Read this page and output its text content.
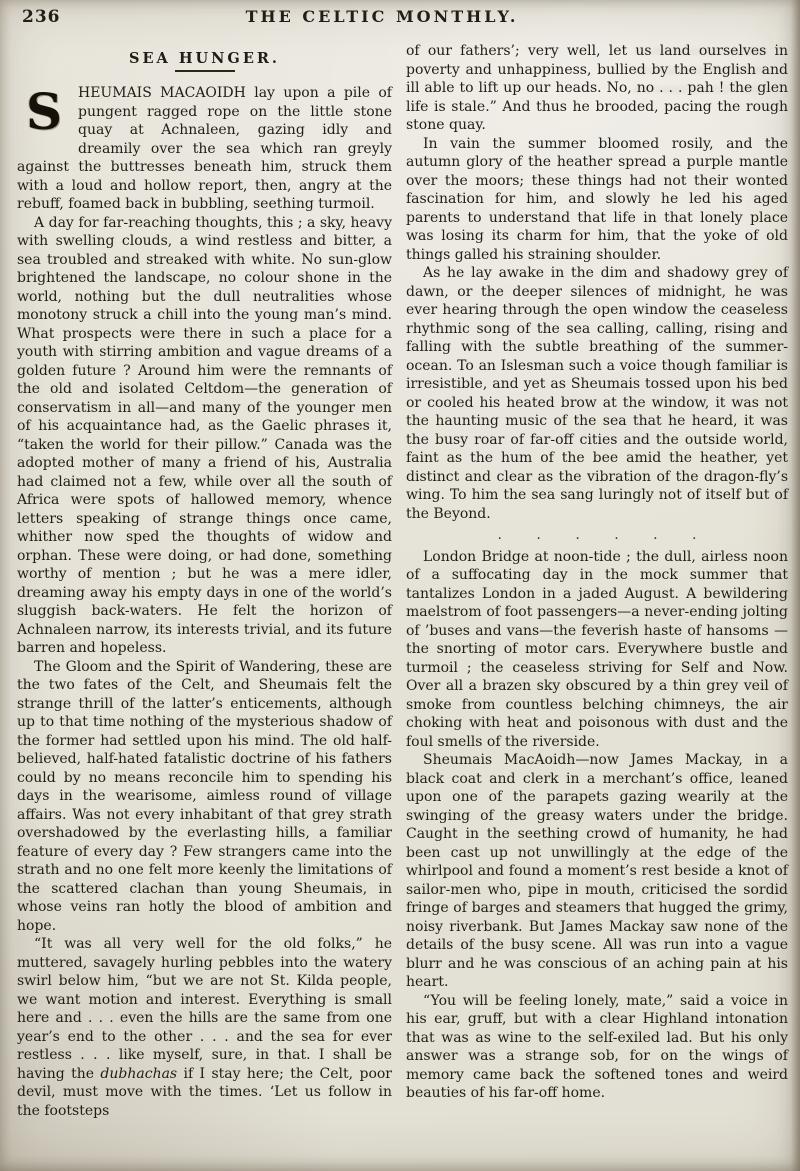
236	THE CELTIC MONTHLY.
SEA HUNGER.

S	HEUMAIS MACAOIDH lay upon a pile of pungent ragged rope on the little stone quay at Achnaleen, gazing idly and dreamily over the sea which ran greyly against the buttresses beneath him, struck them with a loud and hollow report, then, angry at the rebuff, foamed back in bubbling, seething turmoil.

A day for far-reaching thoughts, this ; a sky, heavy with swelling clouds, a wind restless and bitter, a sea troubled and streaked with white. No sun-glow brightened the landscape, no colour shone in the world, nothing but the dull neutralities whose monotony struck a chill into the young man’s mind. What prospects were there in such a place for a youth with stirring ambition and vague dreams of a golden future ? Around him were the remnants of the old and isolated Celtdom—the generation of conservatism in all—and many of the younger men of his acquaintance had, as the Gaelic phrases it, “taken the world for their pillow.” Canada was the adopted mother of many a friend of his, Australia had claimed not a few, while over all the south of Africa were spots of hallowed memory, whence letters speaking of strange things once came, whither now sped the thoughts of widow and orphan. These were doing, or had done, something worthy of mention ; but he was a mere idler, dreaming away his empty days in one of the world’s sluggish back-waters. He felt the horizon of Achnaleen narrow, its interests trivial, and its future barren and hopeless.

The Gloom and the Spirit of Wandering, these are the two fates of the Celt, and Sheumais felt the strange thrill of the latter’s enticements, although up to that time nothing of the mysterious shadow of the former had settled upon his mind. The old half-believed, half-hated fatalistic doctrine of his fathers could by no means reconcile him to spending his days in the wearisome, aimless round of village affairs. Was not every inhabitant of that grey strath overshadowed by the everlasting hills, a familiar feature of every day ? Few strangers came into the strath and no one felt more keenly the limitations of the scattered clachan than young Sheumais, in whose veins ran hotly the blood of ambition and hope.

“It was all very well for the old folks,” he muttered, savagely hurling pebbles into the watery swirl below him, “but we are not St. Kilda people, we want motion and interest. Everything is small here and . . . even the hills are the same from one year’s end to the other . . . and the sea for ever restless . . . like myself, sure, in that. I shall be having the dubhachas if I stay here; the Celt, poor devil, must move with the times. ‘Let us follow in the footsteps

of our fathers’; very well, let us land ourselves in poverty and unhappiness, bullied by the English and ill able to lift up our heads. No, no . . . pah ! the glen life is stale.” And thus he brooded, pacing the rough stone quay.

In vain the summer bloomed rosily, and the autumn glory of the heather spread a purple mantle over the moors; these things had not their wonted fascination for him, and slowly he led his aged parents to understand that life in that lonely place was losing its charm for him, that the yoke of old things galled his straining shoulder.

As he lay awake in the dim and shadowy grey of dawn, or the deeper silences of midnight, he was ever hearing through the open window the ceaseless rhythmic song of the sea calling, calling, rising and falling with the subtle breathing of the summer-ocean. To an Islesman such a voice though familiar is irresistible, and yet as Sheumais tossed upon his bed or cooled his heated brow at the window, it was not the haunting music of the sea that he heard, it was the busy roar of far-off cities and the outside world, faint as the hum of the bee amid the heather, yet distinct and clear as the vibration of the dragon-fly’s wing. To him the sea sang luringly not of itself but of the Beyond.

. . . . . .

London Bridge at noon-tide ; the dull, airless noon of a suffocating day in the mock summer that tantalizes London in a jaded August. A bewildering maelstrom of foot passengers—a never-ending jolting of ’buses and vans—the feverish haste of hansoms — the snorting of motor cars. Everywhere bustle and turmoil ; the ceaseless striving for Self and Now. Over all a brazen sky obscured by a thin grey veil of smoke from countless belching chimneys, the air choking with heat and poisonous with dust and the foul smells of the riverside.

Sheumais MacAoidh—now James Mackay, in a black coat and clerk in a merchant’s office, leaned upon one of the parapets gazing wearily at the swinging of the greasy waters under the bridge. Caught in the seething crowd of humanity, he had been cast up not unwillingly at the edge of the whirlpool and found a moment’s rest beside a knot of sailor-men who, pipe in mouth, criticised the sordid fringe of barges and steamers that hugged the grimy, noisy riverbank. But James Mackay saw none of the details of the busy scene. All was run into a vague blurr and he was conscious of an aching pain at his heart.

“You will be feeling lonely, mate,” said a voice in his ear, gruff, but with a clear Highland intonation that was as wine to the self-exiled lad. But his only answer was a strange sob, for on the wings of memory came back the softened tones and weird beauties of his far-off home.
